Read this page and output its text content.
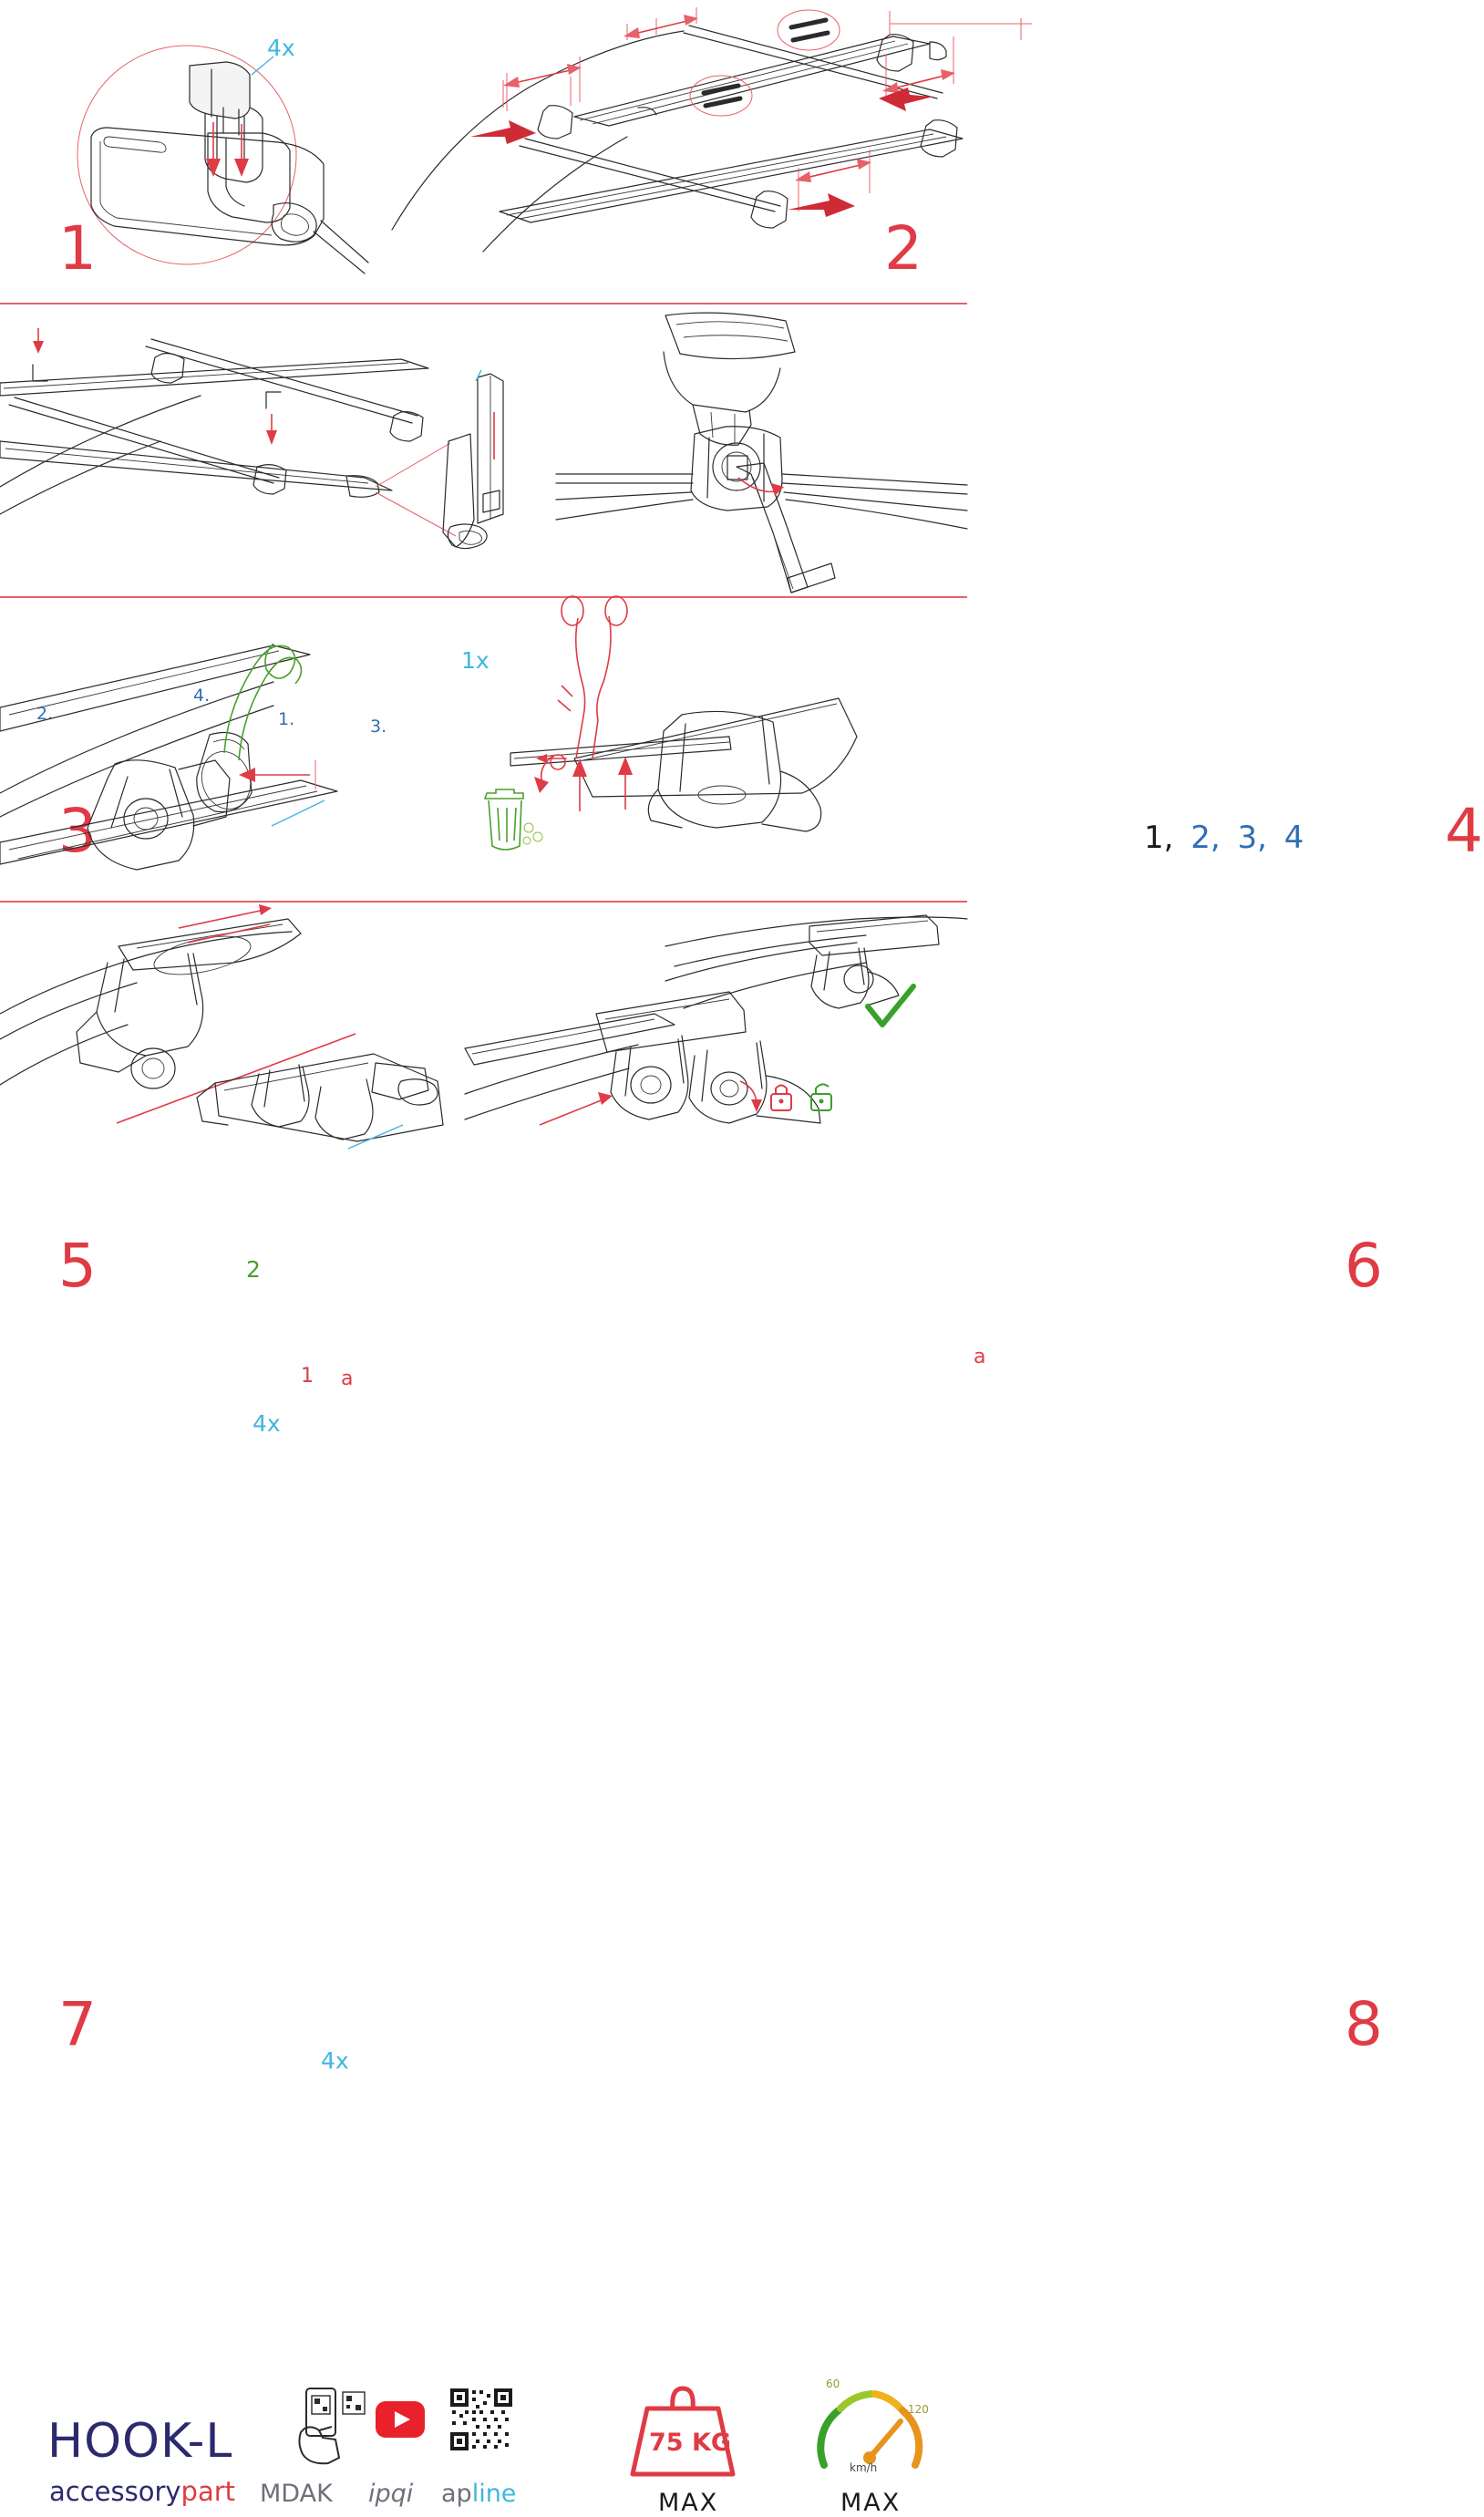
4x
1	2
2.	1.	3.
4.
1x
3	1, 2, 3, 4 4
5
1 a
2
4x
a
6
7
4x
8
HOOK-L
accessorypart MDAK ipqi apline
75 KG
MAX
60
120
km/h
MAX
